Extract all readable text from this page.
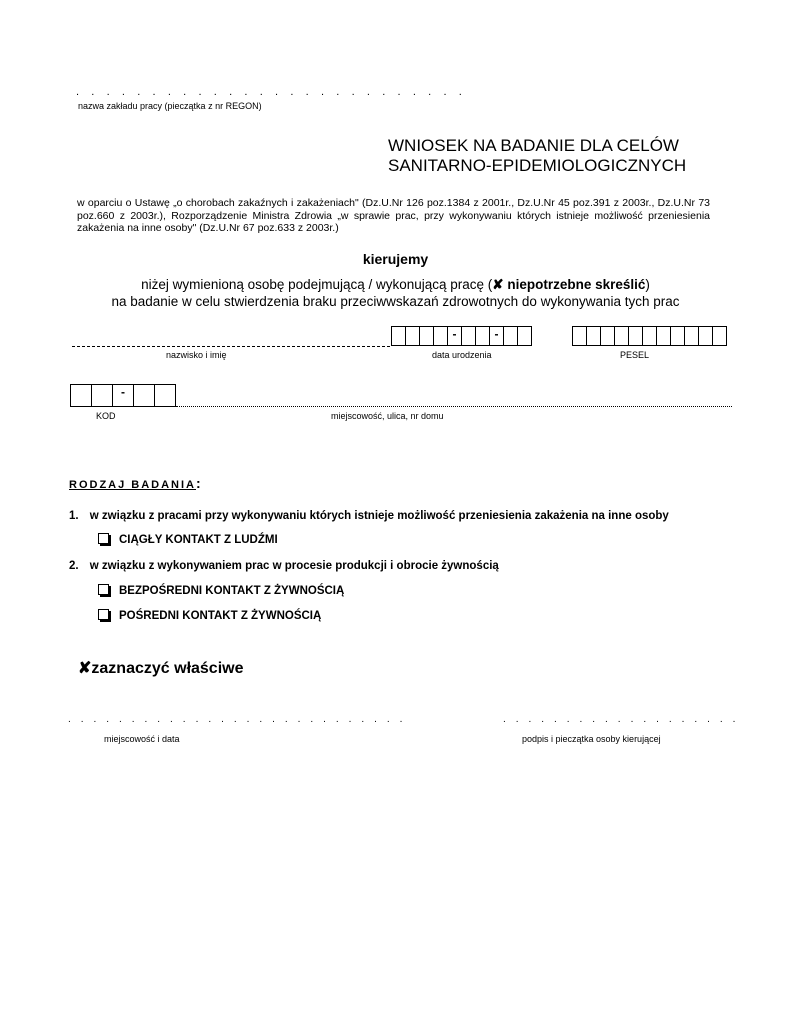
. . . . . . . . . . . . . . . . . . . . . . . . . .
nazwa zakładu pracy (pieczątka z nr REGON)
WNIOSEK NA BADANIE DLA CELÓW
SANITARNO-EPIDEMIOLOGICZNYCH
w oparciu o Ustawę „o chorobach zakaźnych i zakażeniach" (Dz.U.Nr 126 poz.1384 z 2001r., Dz.U.Nr 45 poz.391 z 2003r., Dz.U.Nr 73 poz.660 z 2003r.), Rozporządzenie Ministra Zdrowia „w sprawie prac, przy wykonywaniu których istnieje możliwość przeniesienia zakażenia na inne osoby" (Dz.U.Nr 67 poz.633 z 2003r.)
kierujemy
niżej wymienioną osobę podejmującą / wykonującą pracę (✘ niepotrzebne skreślić)
na badanie w celu stwierdzenia braku przeciwwskazań zdrowotnych do wykonywania tych prac
nazwisko i imię
-	-
data urodzenia	PESEL
-
KOD	miejscowość, ulica, nr domu
RODZAJ BADANIA:
1. w związku z pracami przy wykonywaniu których istnieje możliwość przeniesienia zakażenia na inne osoby
CIĄGŁY KONTAKT Z LUDŹMI
2. w związku z wykonywaniem prac w procesie produkcji i obrocie żywnością
BEZPOŚREDNI KONTAKT Z ŻYWNOŚCIĄ
POŚREDNI KONTAKT Z ŻYWNOŚCIĄ
✘zaznaczyć właściwe
. . . . . . . . . . . . . . . . . . . . . . . . . . .	. . . . . . . . . . . . . . . . . . .
miejscowość i data	podpis i pieczątka osoby kierującej
